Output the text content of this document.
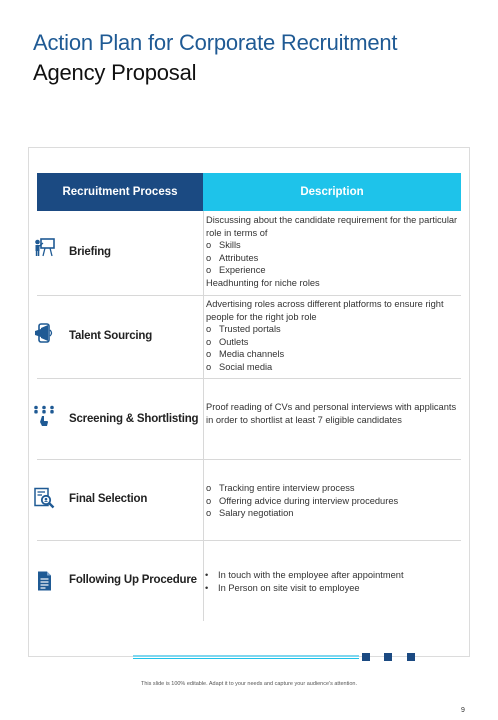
Action Plan for Corporate Recruitment
Agency Proposal
Recruitment Process	Description
Briefing
Discussing about the candidate requirement for the particular role in terms of
o Skills
o Attributes
o Experience
Headhunting for niche roles
Talent Sourcing
Advertising roles across different platforms to ensure right people for the right job role
o Trusted portals
o Outlets
o Media channels
o Social media
Screening & Shortlisting
Proof reading of CVs and personal interviews with applicants in order to shortlist at least 7 eligible candidates
Final Selection
o Tracking entire interview process
o Offering advice during interview procedures
o Salary negotiation
Following Up Procedure • In touch with the employee after appointment
• In Person on site visit to employee
This slide is 100% editable. Adapt it to your needs and capture your audience's attention.
9
